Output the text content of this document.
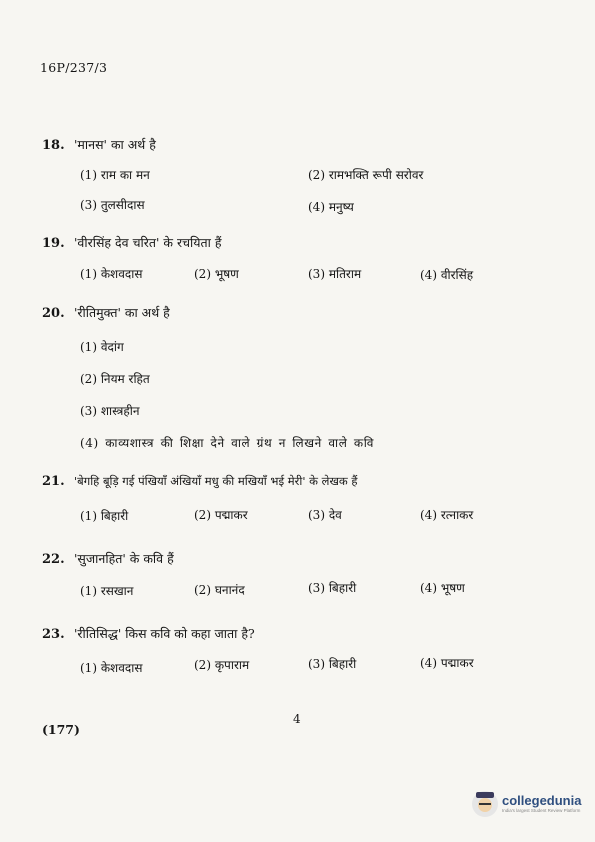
16P/237/3
18. 'मानस' का अर्थ है
(1) राम का मन	(2) रामभक्ति रूपी सरोवर
(3) तुलसीदास	(4) मनुष्य
19. 'वीरसिंह देव चरित' के रचयिता हैं
(1) केशवदास	(2) भूषण	(3) मतिराम	(4) वीरसिंह
20. 'रीतिमुक्त' का अर्थ है
(1) वेदांग
(2) नियम रहित
(3) शास्त्रहीन
(4) काव्यशास्त्र की शिक्षा देने वाले ग्रंथ न लिखने वाले कवि
21. 'बेगहि बूड़ि गई पंखियाँ अंखियाँ मधु की मखियाँ भई मेरी' के लेखक हैं
(1) बिहारी	(2) पद्माकर	(3) देव	(4) रत्नाकर
22. 'सुजानहित' के कवि हैं
(1) रसखान	(2) घनानंद	(3) बिहारी	(4) भूषण
23. 'रीतिसिद्ध' किस कवि को कहा जाता है?
(1) केशवदास	(2) कृपाराम	(3) बिहारी	(4) पद्माकर
4
(177)
collegedunia
India's largest Student Review Platform
